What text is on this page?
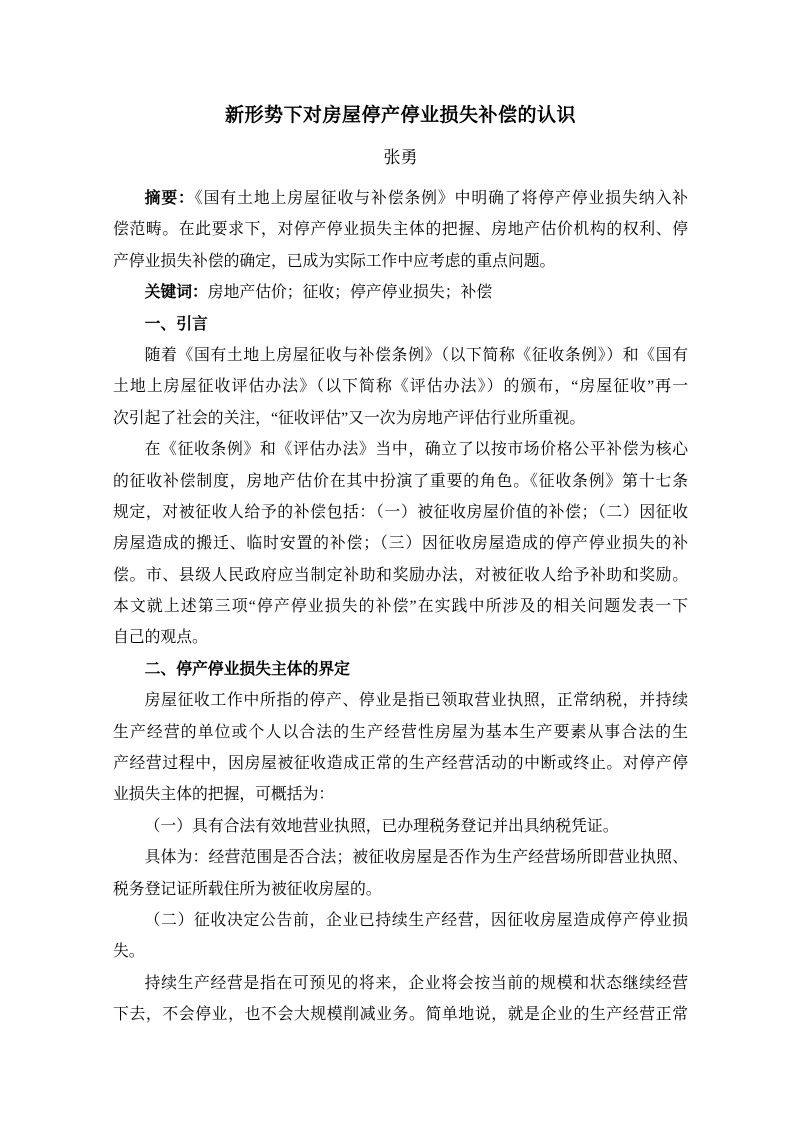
新形势下对房屋停产停业损失补偿的认识
张勇
摘要：《国有土地上房屋征收与补偿条例》中明确了将停产停业损失纳入补
偿范畴。在此要求下，对停产停业损失主体的把握、房地产估价机构的权利、停
产停业损失补偿的确定，已成为实际工作中应考虑的重点问题。
关键词：房地产估价；征收；停产停业损失；补偿
一、引言
随着《国有土地上房屋征收与补偿条例》（以下简称《征收条例》）和《国有
土地上房屋征收评估办法》（以下简称《评估办法》）的颁布，“房屋征收”再一
次引起了社会的关注，“征收评估”又一次为房地产评估行业所重视。
在《征收条例》和《评估办法》当中，确立了以按市场价格公平补偿为核心
的征收补偿制度，房地产估价在其中扮演了重要的角色。《征收条例》第十七条
规定，对被征收人给予的补偿包括：（一）被征收房屋价值的补偿；（二）因征收
房屋造成的搬迁、临时安置的补偿；（三）因征收房屋造成的停产停业损失的补
偿。市、县级人民政府应当制定补助和奖励办法，对被征收人给予补助和奖励。
本文就上述第三项“停产停业损失的补偿”在实践中所涉及的相关问题发表一下
自己的观点。
二、停产停业损失主体的界定
房屋征收工作中所指的停产、停业是指已领取营业执照，正常纳税，并持续
生产经营的单位或个人以合法的生产经营性房屋为基本生产要素从事合法的生
产经营过程中，因房屋被征收造成正常的生产经营活动的中断或终止。对停产停
业损失主体的把握，可概括为：
（一）具有合法有效地营业执照，已办理税务登记并出具纳税凭证。
具体为：经营范围是否合法；被征收房屋是否作为生产经营场所即营业执照、
税务登记证所载住所为被征收房屋的。
（二）征收决定公告前，企业已持续生产经营，因征收房屋造成停产停业损
失。
持续生产经营是指在可预见的将来，企业将会按当前的规模和状态继续经营
下去，不会停业，也不会大规模削减业务。简单地说，就是企业的生产经营正常
